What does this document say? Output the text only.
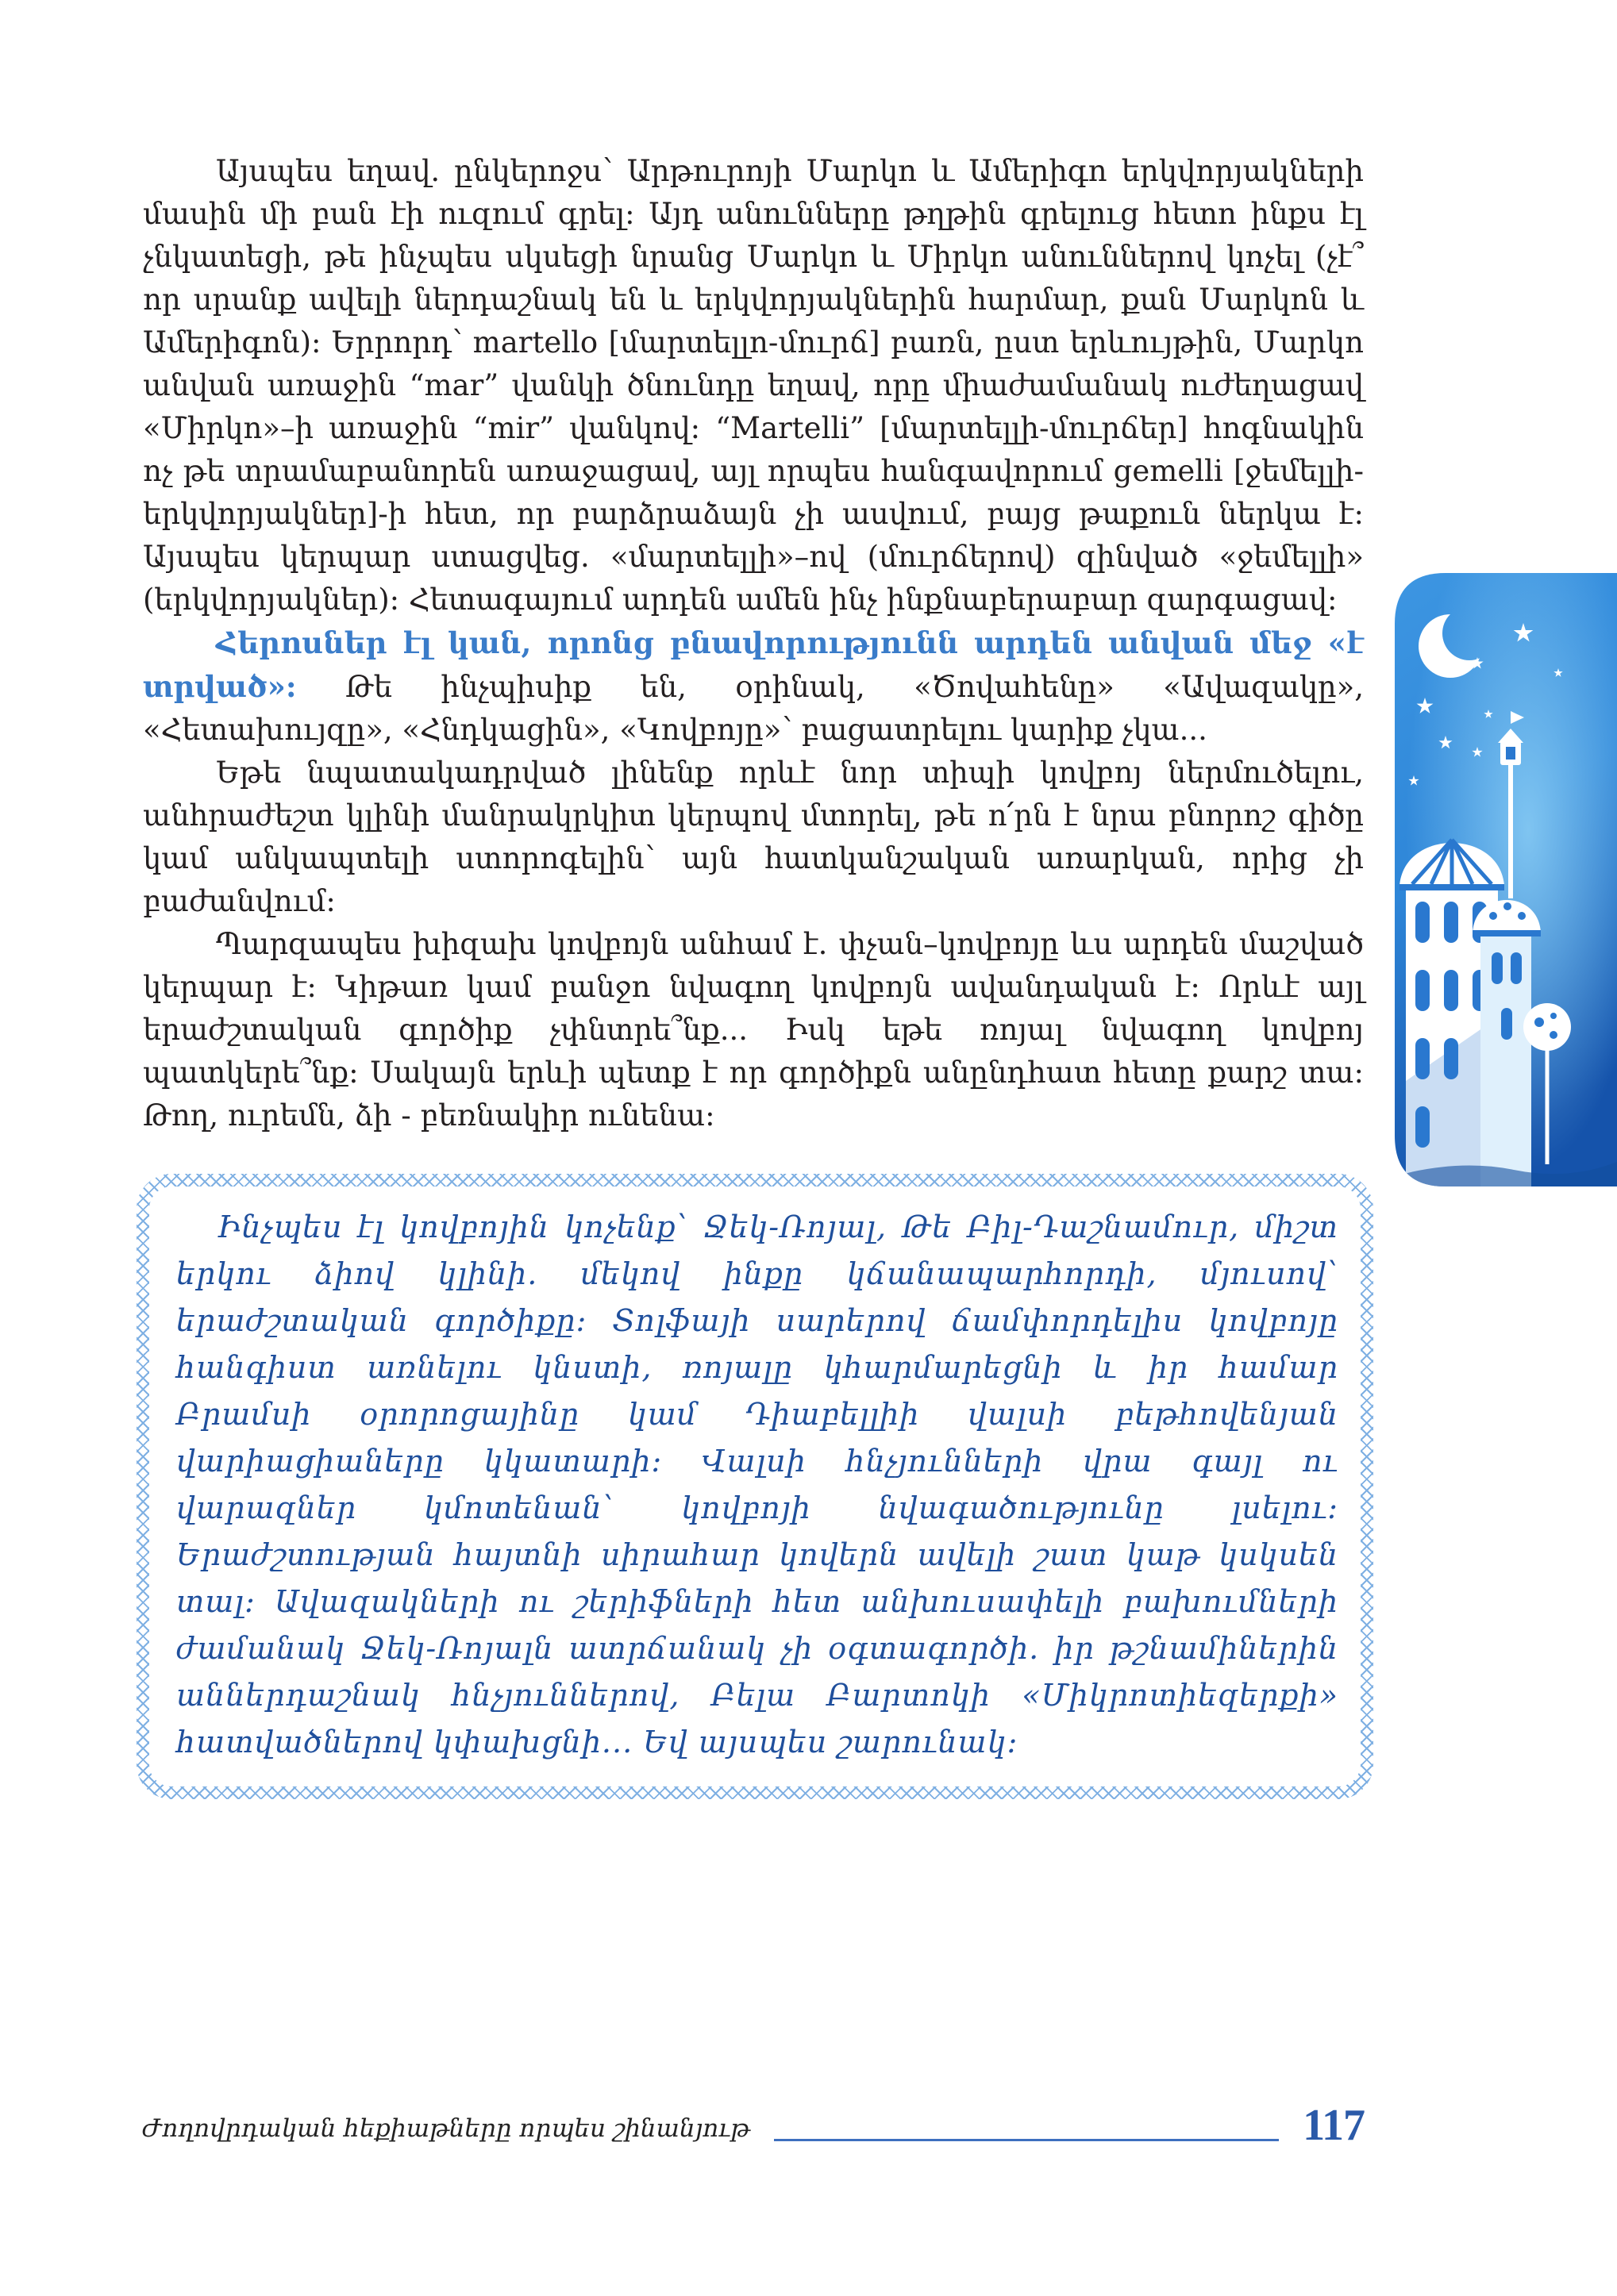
Այսպես եղավ. ընկերոջս՝ Արթուրոյի Մարկո և Ամերիգո երկվորյակների մասին մի բան էի ուզում գրել: Այդ անունները թղթին գրելուց հետո ինքս էլ չնկատեցի, թե ինչպես սկսեցի նրանց Մարկո և Միրկո անուններով կոչել (չէ՞ որ սրանք ավելի ներդաշնակ են և երկվորյակներին հարմար, քան Մարկոն և Ամերիգոն): Երրորդ՝ martello [մարտելլո-մուրճ] բառն, ըստ երևույթին, Մարկո անվան առաջին “mar” վանկի ծնունդը եղավ, որը միաժամանակ ուժեղացավ «Միրկո»–ի առաջին “mir” վանկով: “Martelli” [մարտելլի-մուրճեր] հոգնակին ոչ թե տրամաբանորեն առաջացավ, այլ որպես հանգավորում gemelli [ջեմելլի-երկվորյակներ]-ի հետ, որ բարձրաձայն չի ասվում, բայց թաքուն ներկա է: Այսպես կերպար ստացվեց. «մարտելլի»–ով (մուրճերով) զինված «ջեմելլի» (երկվորյակներ): Հետագայում արդեն ամեն ինչ ինքնաբերաբար զարգացավ:

Հերոսներ էլ կան, որոնց բնավորությունն արդեն անվան մեջ «է տրված»: Թե ինչպիսիք են, օրինակ, «Ծովահենը» «Ավազակը», «Հետախույզը», «Հնդկացին», «Կովբոյը»՝ բացատրելու կարիք չկա...

Եթե նպատակադրված լինենք որևէ նոր տիպի կովբոյ ներմուծելու, անհրաժեշտ կլինի մանրակրկիտ կերպով մտորել, թե ո՛րն է նրա բնորոշ գիծը կամ անկապտելի ստորոգելին՝ այն հատկանշական առարկան, որից չի բաժանվում:

Պարզապես խիզախ կովբոյն անհամ է. փչան–կովբոյը ևս արդեն մաշված կերպար է: Կիթառ կամ բանջո նվագող կովբոյն ավանդական է: Որևէ այլ երաժշտական գործիք չփնտրե՞նք... Իսկ եթե ռոյալ նվագող կովբոյ պատկերե՞նք: Սակայն երևի պետք է որ գործիքն անընդհատ հետը քարշ տա: Թող, ուրեմն, ձի - բեռնակիր ունենա:

Ինչպես էլ կովբոյին կոչենք՝ Ջեկ-Ռոյալ, Թե Բիլ-Դաշնամուր, միշտ երկու ձիով կլինի. մեկով ինքը կճանապարհորդի, մյուսով՝ երաժշտական գործիքը: Տոլֆայի սարերով ճամփորդելիս կովբոյը հանգիստ առնելու կնստի, ռոյալը կհարմարեցնի և իր համար Բրամսի օրորոցայինը կամ Դիաբելլիի վալսի բեթհովենյան վարիացիաները կկատարի: Վալսի հնչյունների վրա գայլ ու վարազներ կմոտենան՝ կովբոյի նվագածությունը լսելու: Երաժշտության հայտնի սիրահար կովերն ավելի շատ կաթ կսկսեն տալ: Ավազակների ու շերիֆների հետ անխուսափելի բախումների ժամանակ Ջեկ-Ռոյալն ատրճանակ չի օգտագործի. իր թշնամիներին աններդաշնակ հնչյուններով, Բելա Բարտոկի «Միկրոտիեզերքի» հատվածներով կփախցնի... Եվ այսպես շարունակ:

Ժողովրդական հեքիաթները որպես շինանյութ	117
